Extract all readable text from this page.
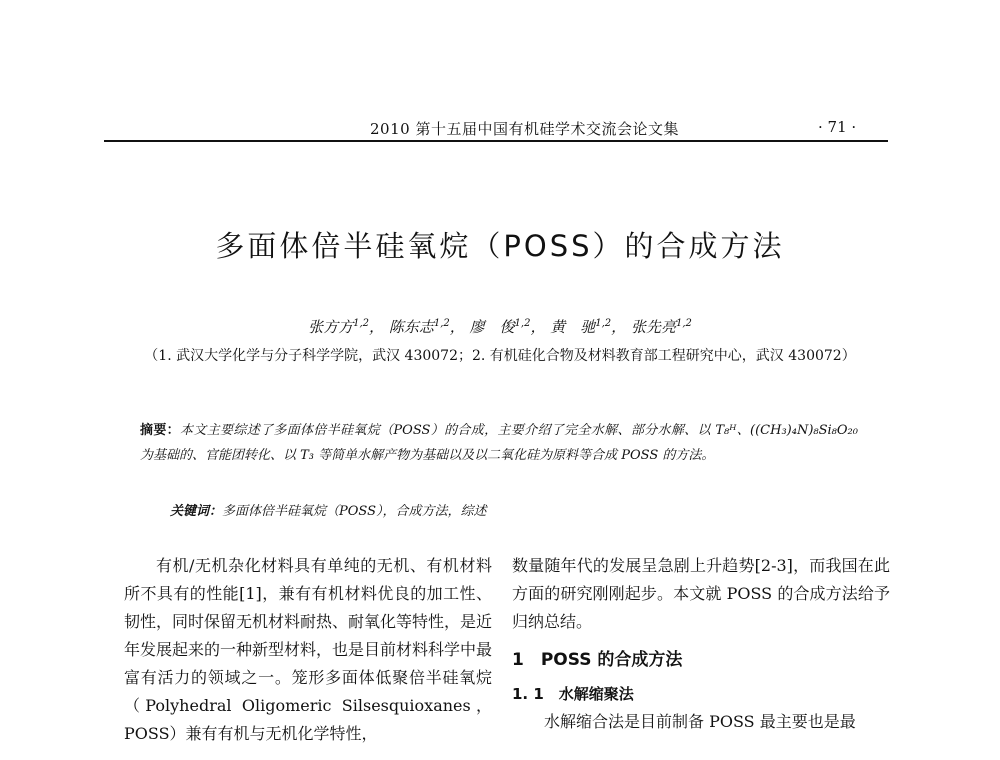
2010 第十五届中国有机硅学术交流会论文集	· 71 ·
多面体倍半硅氧烷（POSS）的合成方法
张方方$^{1,2}$， 陈东志$^{1,2}$， 廖　俊$^{1,2}$， 黄　驰$^{1,2}$， 张先亮$^{1,2}$
（1. 武汉大学化学与分子科学学院，武汉 430072；2. 有机硅化合物及材料教育部工程研究中心，武汉 430072）
摘要：本文主要综述了多面体倍半硅氧烷（POSS）的合成，主要介绍了完全水解、部分水解、以 T₈ᴴ、((CH₃)₄N)₈Si₈O₂₀ 为基础的、官能团转化、以 T₃ 等简单水解产物为基础以及以二氧化硅为原料等合成 POSS 的方法。
关键词：多面体倍半硅氧烷（POSS），合成方法，综述
有机/无机杂化材料具有单纯的无机、有机材料所不具有的性能[1]，兼有有机材料优良的加工性、韧性，同时保留无机材料耐热、耐氧化等特性，是近年发展起来的一种新型材料，也是目前材料科学中最富有活力的领域之一。笼形多面体低聚倍半硅氧烷（Polyhedral Oligomeric Silsesquioxanes，POSS）兼有有机与无机化学特性，
数量随年代的发展呈急剧上升趋势[2-3]，而我国在此方面的研究刚刚起步。本文就 POSS 的合成方法给予归纳总结。
1　POSS 的合成方法
1. 1　水解缩聚法
水解缩合法是目前制备 POSS 最主要也是最
